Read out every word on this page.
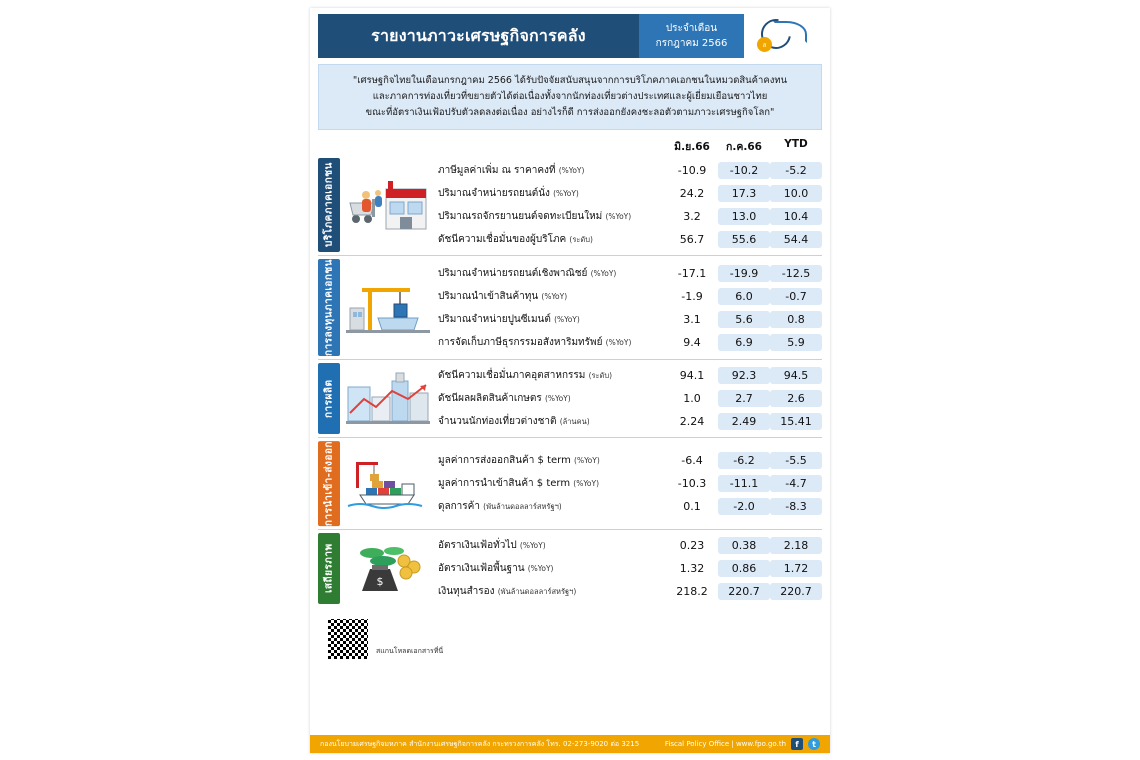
รายงานภาวะเศรษฐกิจการคลัง	ประจำเดือน
กรกฎาคม 2566	ส
"เศรษฐกิจไทยในเดือนกรกฎาคม 2566 ได้รับปัจจัยสนับสนุนจากการบริโภคภาคเอกชนในหมวดสินค้าคงทน
และภาคการท่องเที่ยวที่ขยายตัวได้ต่อเนื่องทั้งจากนักท่องเที่ยวต่างประเทศและผู้เยี่ยมเยือนชาวไทย
ขณะที่อัตราเงินเฟ้อปรับตัวลดลงต่อเนื่อง อย่างไรก็ดี การส่งออกยังคงชะลอตัวตามภาวะเศรษฐกิจโลก"
มิ.ย.66	ก.ค.66	YTD
บริโภคภาคเอกชน	ภาษีมูลค่าเพิ่ม ณ ราคาคงที่ (%YoY)	-10.9	-10.2	-5.2
ปริมาณจำหน่ายรถยนต์นั่ง (%YoY)	24.2	17.3	10.0
ปริมาณรถจักรยานยนต์จดทะเบียนใหม่ (%YoY)	3.2	13.0	10.4
ดัชนีความเชื่อมั่นของผู้บริโภค (ระดับ)	56.7	55.6	54.4
การลงทุนภาคเอกชน	ปริมาณจำหน่ายรถยนต์เชิงพาณิชย์ (%YoY)	-17.1	-19.9	-12.5
ปริมาณนำเข้าสินค้าทุน (%YoY)	-1.9	6.0	-0.7
ปริมาณจำหน่ายปูนซีเมนต์ (%YoY)	3.1	5.6	0.8
การจัดเก็บภาษีธุรกรรมอสังหาริมทรัพย์ (%YoY)	9.4	6.9	5.9
การผลิต
ดัชนีความเชื่อมั่นภาคอุตสาหกรรม (ระดับ)	94.1	92.3	94.5
ดัชนีผลผลิตสินค้าเกษตร (%YoY)	1.0	2.7	2.6
จำนวนนักท่องเที่ยวต่างชาติ (ล้านคน)	2.24	2.49	15.41
การนำเข้า-ส่งออก	มูลค่าการส่งออกสินค้า $ term (%YoY)	-6.4	-6.2	-5.5
มูลค่าการนำเข้าสินค้า $ term (%YoY)	-10.3	-11.1	-4.7
ดุลการค้า (พันล้านดอลลาร์สหรัฐฯ)	0.1	-2.0	-8.3
เสถียรภาพ	$
อัตราเงินเฟ้อทั่วไป (%YoY)	0.23	0.38	2.18
อัตราเงินเฟ้อพื้นฐาน (%YoY)	1.32	0.86	1.72
เงินทุนสำรอง (พันล้านดอลลาร์สหรัฐฯ)	218.2	220.7	220.7
สแกนโหลดเอกสารที่นี่
กองนโยบายเศรษฐกิจมหภาค สำนักงานเศรษฐกิจการคลัง กระทรวงการคลัง โทร. 02-273-9020 ต่อ 3215	Fiscal Policy Office | www.fpo.go.th	f	t
